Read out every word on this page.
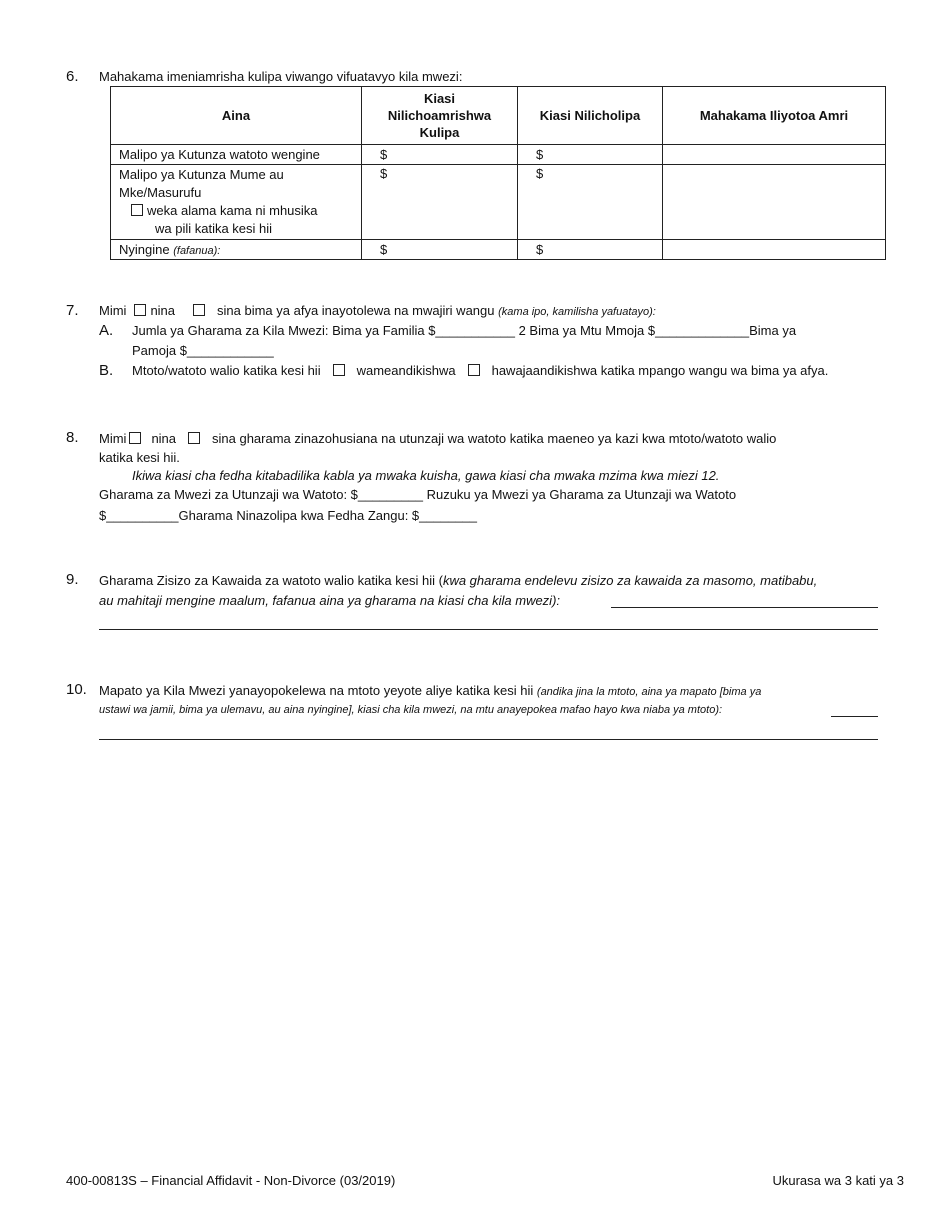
6. Mahakama imeniamrisha kulipa viwango vifuatavyo kila mwezi:
Aina	Kiasi
Nilichoamrishwa
Kulipa	Kiasi Nilicholipa	Mahakama Iliyotoa Amri
Malipo ya Kutunza watoto wengine	$	$	

Malipo ya Kutunza Mume au
Mke/Masurufu
weka alama kama ni mhusika
wa pili katika kesi hii	$	$	
Nyingine (fafanua):	$	$	
7. Mimi nina	sina bima ya afya inayotolewa na mwajiri wangu (kama ipo, kamilisha yafuatayo):
A. Jumla ya Gharama za Kila Mwezi: Bima ya Familia $___________ 2 Bima ya Mtu Mmoja $_____________Bima ya
Pamoja $____________
B. Mtoto/watoto walio katika kesi hii	wameandikishwa	hawajaandikishwa katika mpango wangu wa bima ya afya.
8. Mimi nina	sina gharama zinazohusiana na utunzaji wa watoto katika maeneo ya kazi kwa mtoto/watoto walio
katika kesi hii.
Ikiwa kiasi cha fedha kitabadilika kabla ya mwaka kuisha, gawa kiasi cha mwaka mzima kwa miezi 12.
Gharama za Mwezi za Utunzaji wa Watoto: $_________ Ruzuku ya Mwezi ya Gharama za Utunzaji wa Watoto
$__________Gharama Ninazolipa kwa Fedha Zangu: $________
9. Gharama Zisizo za Kawaida za watoto walio katika kesi hii (kwa gharama endelevu zisizo za kawaida za masomo, matibabu,
au mahitaji mengine maalum, fafanua aina ya gharama na kiasi cha kila mwezi):
10. Mapato ya Kila Mwezi yanayopokelewa na mtoto yeyote aliye katika kesi hii (andika jina la mtoto, aina ya mapato [bima ya
ustawi wa jamii, bima ya ulemavu, au aina nyingine], kiasi cha kila mwezi, na mtu anayepokea mafao hayo kwa niaba ya mtoto):
400-00813S – Financial Affidavit - Non-Divorce (03/2019)	Ukurasa wa 3 kati ya 3
